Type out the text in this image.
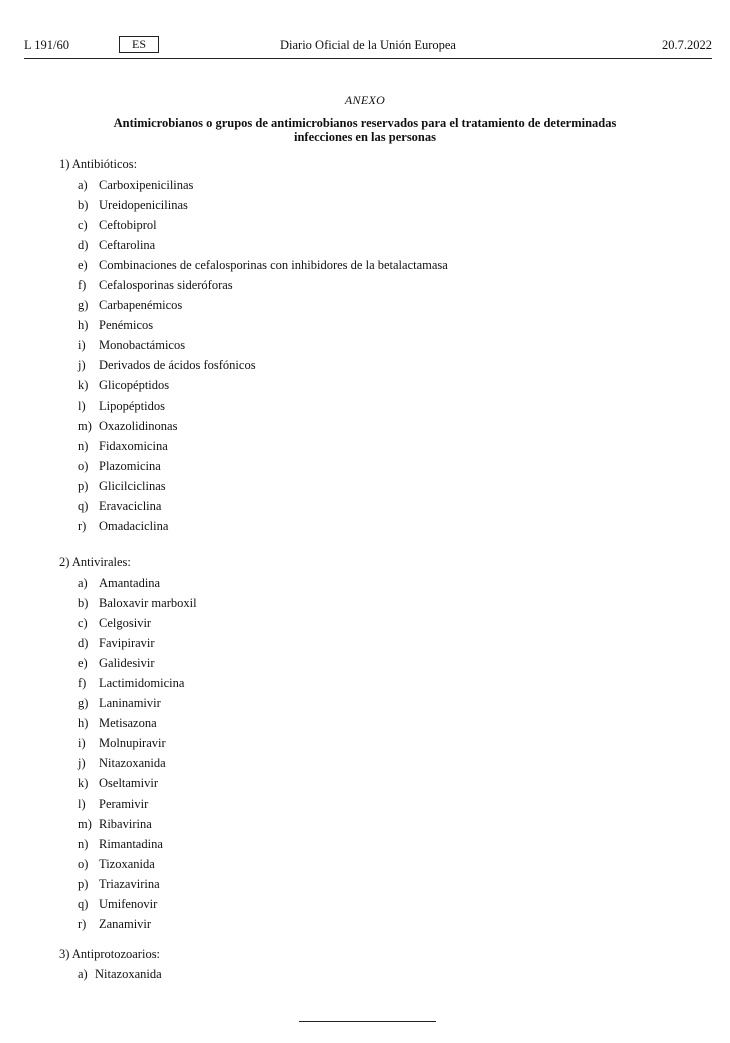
L 191/60	ES	Diario Oficial de la Unión Europea	20.7.2022
ANEXO
Antimicrobianos o grupos de antimicrobianos reservados para el tratamiento de determinadas
infecciones en las personas
1) Antibióticos:
a) Carboxipenicilinas
b) Ureidopenicilinas
c) Ceftobiprol
d) Ceftarolina
e) Combinaciones de cefalosporinas con inhibidores de la betalactamasa
f)	Cefalosporinas sideróforas
g) Carbapenémicos
h) Penémicos
i)	Monobactámicos
j)	Derivados de ácidos fosfónicos
k) Glicopéptidos
l)	Lipopéptidos
m) Oxazolidinonas
n) Fidaxomicina
o) Plazomicina
p) Glicilciclinas
q) Eravaciclina
r)	Omadaciclina
2) Antivirales:
a) Amantadina
b) Baloxavir marboxil
c) Celgosivir
d) Favipiravir
e) Galidesivir
f)	Lactimidomicina
g) Laninamivir
h) Metisazona
i)	Molnupiravir
j)	Nitazoxanida
k) Oseltamivir
l)	Peramivir
m) Ribavirina
n) Rimantadina
o) Tizoxanida
p) Triazavirina
q) Umifenovir
r)	Zanamivir
3) Antiprotozoarios:
a) Nitazoxanida
